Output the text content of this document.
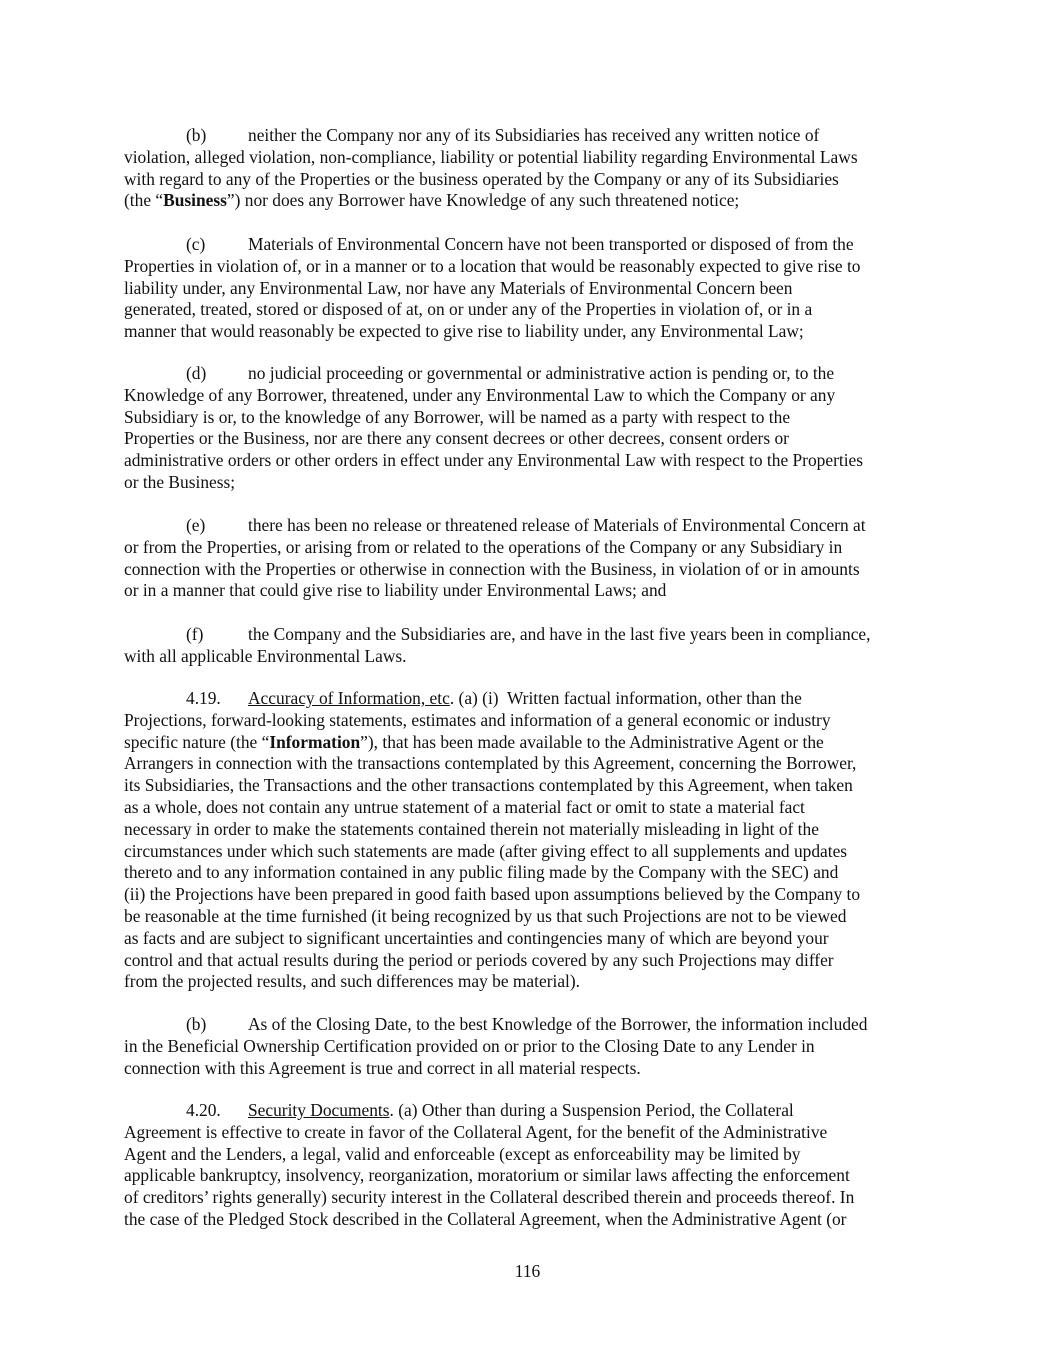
(b) neither the Company nor any of its Subsidiaries has received any written notice of
violation, alleged violation, non-compliance, liability or potential liability regarding Environmental Laws
with regard to any of the Properties or the business operated by the Company or any of its Subsidiaries
(the “Business”) nor does any Borrower have Knowledge of any such threatened notice;
(c) Materials of Environmental Concern have not been transported or disposed of from the
Properties in violation of, or in a manner or to a location that would be reasonably expected to give rise to
liability under, any Environmental Law, nor have any Materials of Environmental Concern been
generated, treated, stored or disposed of at, on or under any of the Properties in violation of, or in a
manner that would reasonably be expected to give rise to liability under, any Environmental Law;
(d) no judicial proceeding or governmental or administrative action is pending or, to the
Knowledge of any Borrower, threatened, under any Environmental Law to which the Company or any
Subsidiary is or, to the knowledge of any Borrower, will be named as a party with respect to the
Properties or the Business, nor are there any consent decrees or other decrees, consent orders or
administrative orders or other orders in effect under any Environmental Law with respect to the Properties
or the Business;
(e) there has been no release or threatened release of Materials of Environmental Concern at
or from the Properties, or arising from or related to the operations of the Company or any Subsidiary in
connection with the Properties or otherwise in connection with the Business, in violation of or in amounts
or in a manner that could give rise to liability under Environmental Laws; and
(f)	the Company and the Subsidiaries are, and have in the last five years been in compliance,
with all applicable Environmental Laws.
4.19. Accuracy of Information, etc. (a) (i)  Written factual information, other than the
Projections, forward-looking statements, estimates and information of a general economic or industry
specific nature (the “Information”), that has been made available to the Administrative Agent or the
Arrangers in connection with the transactions contemplated by this Agreement, concerning the Borrower,
its Subsidiaries, the Transactions and the other transactions contemplated by this Agreement, when taken
as a whole, does not contain any untrue statement of a material fact or omit to state a material fact
necessary in order to make the statements contained therein not materially misleading in light of the
circumstances under which such statements are made (after giving effect to all supplements and updates
thereto and to any information contained in any public filing made by the Company with the SEC) and
(ii) the Projections have been prepared in good faith based upon assumptions believed by the Company to
be reasonable at the time furnished (it being recognized by us that such Projections are not to be viewed
as facts and are subject to significant uncertainties and contingencies many of which are beyond your
control and that actual results during the period or periods covered by any such Projections may differ
from the projected results, and such differences may be material).
(b) As of the Closing Date, to the best Knowledge of the Borrower, the information included
in the Beneficial Ownership Certification provided on or prior to the Closing Date to any Lender in
connection with this Agreement is true and correct in all material respects.
4.20. Security Documents. (a) Other than during a Suspension Period, the Collateral
Agreement is effective to create in favor of the Collateral Agent, for the benefit of the Administrative
Agent and the Lenders, a legal, valid and enforceable (except as enforceability may be limited by
applicable bankruptcy, insolvency, reorganization, moratorium or similar laws affecting the enforcement
of creditors’ rights generally) security interest in the Collateral described therein and proceeds thereof. In
the case of the Pledged Stock described in the Collateral Agreement, when the Administrative Agent (or
116
